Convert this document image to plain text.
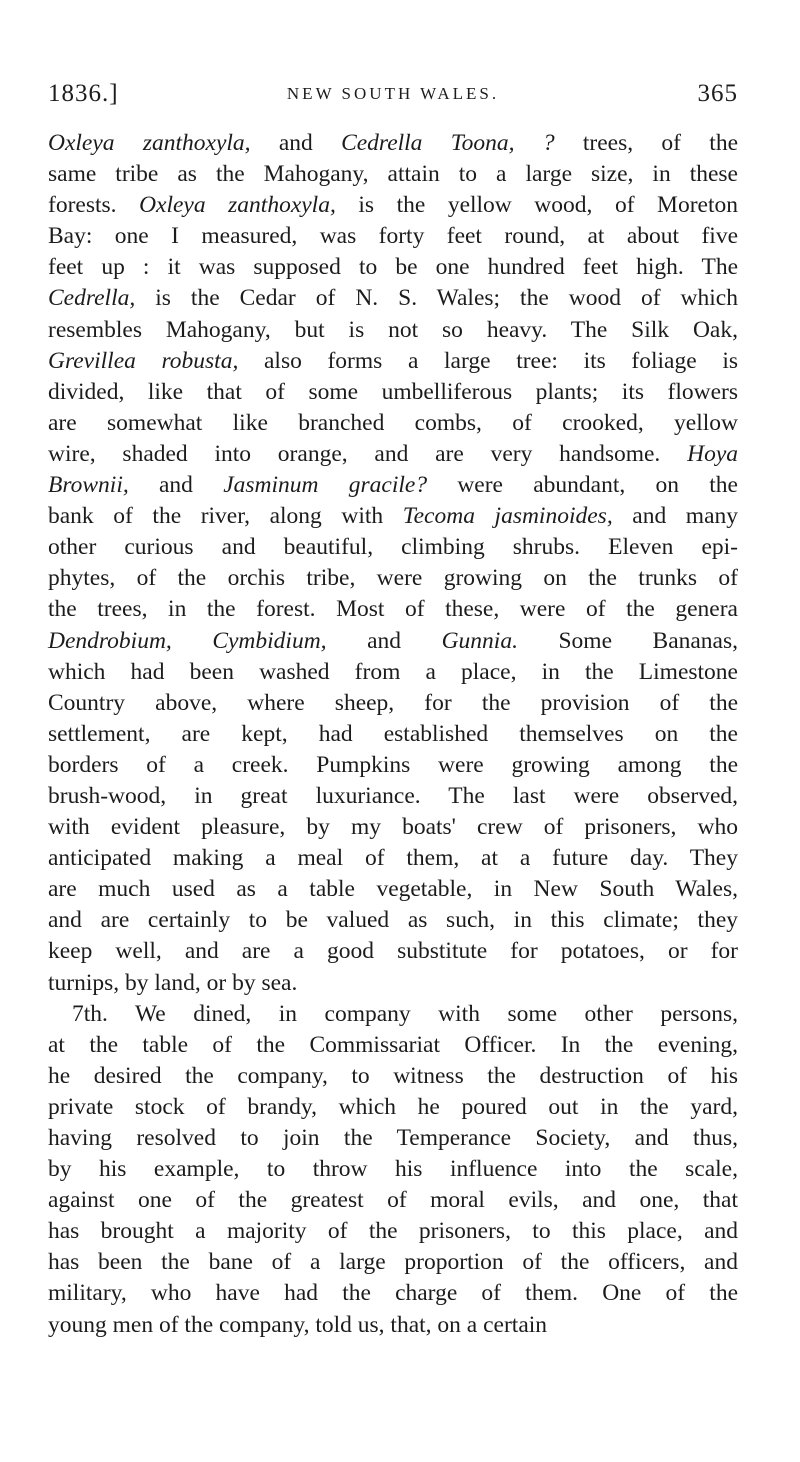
1836.]	NEW SOUTH WALES.	365
Oxleya zanthoxyla, and Cedrella Toona, ? trees, of the
same tribe as the Mahogany, attain to a large size, in these
forests. Oxleya zanthoxyla, is the yellow wood, of Moreton
Bay: one I measured, was forty feet round, at about five
feet up : it was supposed to be one hundred feet high. The
Cedrella, is the Cedar of N. S. Wales; the wood of which
resembles Mahogany, but is not so heavy. The Silk Oak,
Grevillea robusta, also forms a large tree: its foliage is
divided, like that of some umbelliferous plants; its flowers
are somewhat like branched combs, of crooked, yellow
wire, shaded into orange, and are very handsome. Hoya
Brownii, and Jasminum gracile? were abundant, on the
bank of the river, along with Tecoma jasminoides, and many
other curious and beautiful, climbing shrubs. Eleven epi-
phytes, of the orchis tribe, were growing on the trunks of
the trees, in the forest. Most of these, were of the genera
Dendrobium, Cymbidium, and Gunnia. Some Bananas,
which had been washed from a place, in the Limestone
Country above, where sheep, for the provision of the
settlement, are kept, had established themselves on the
borders of a creek. Pumpkins were growing among the
brush-wood, in great luxuriance. The last were observed,
with evident pleasure, by my boats' crew of prisoners, who
anticipated making a meal of them, at a future day. They
are much used as a table vegetable, in New South Wales,
and are certainly to be valued as such, in this climate; they
keep well, and are a good substitute for potatoes, or for
turnips, by land, or by sea.
7th. We dined, in company with some other persons,
at the table of the Commissariat Officer. In the evening,
he desired the company, to witness the destruction of his
private stock of brandy, which he poured out in the yard,
having resolved to join the Temperance Society, and thus,
by his example, to throw his influence into the scale,
against one of the greatest of moral evils, and one, that
has brought a majority of the prisoners, to this place, and
has been the bane of a large proportion of the officers, and
military, who have had the charge of them. One of the
young men of the company, told us, that, on a certain
